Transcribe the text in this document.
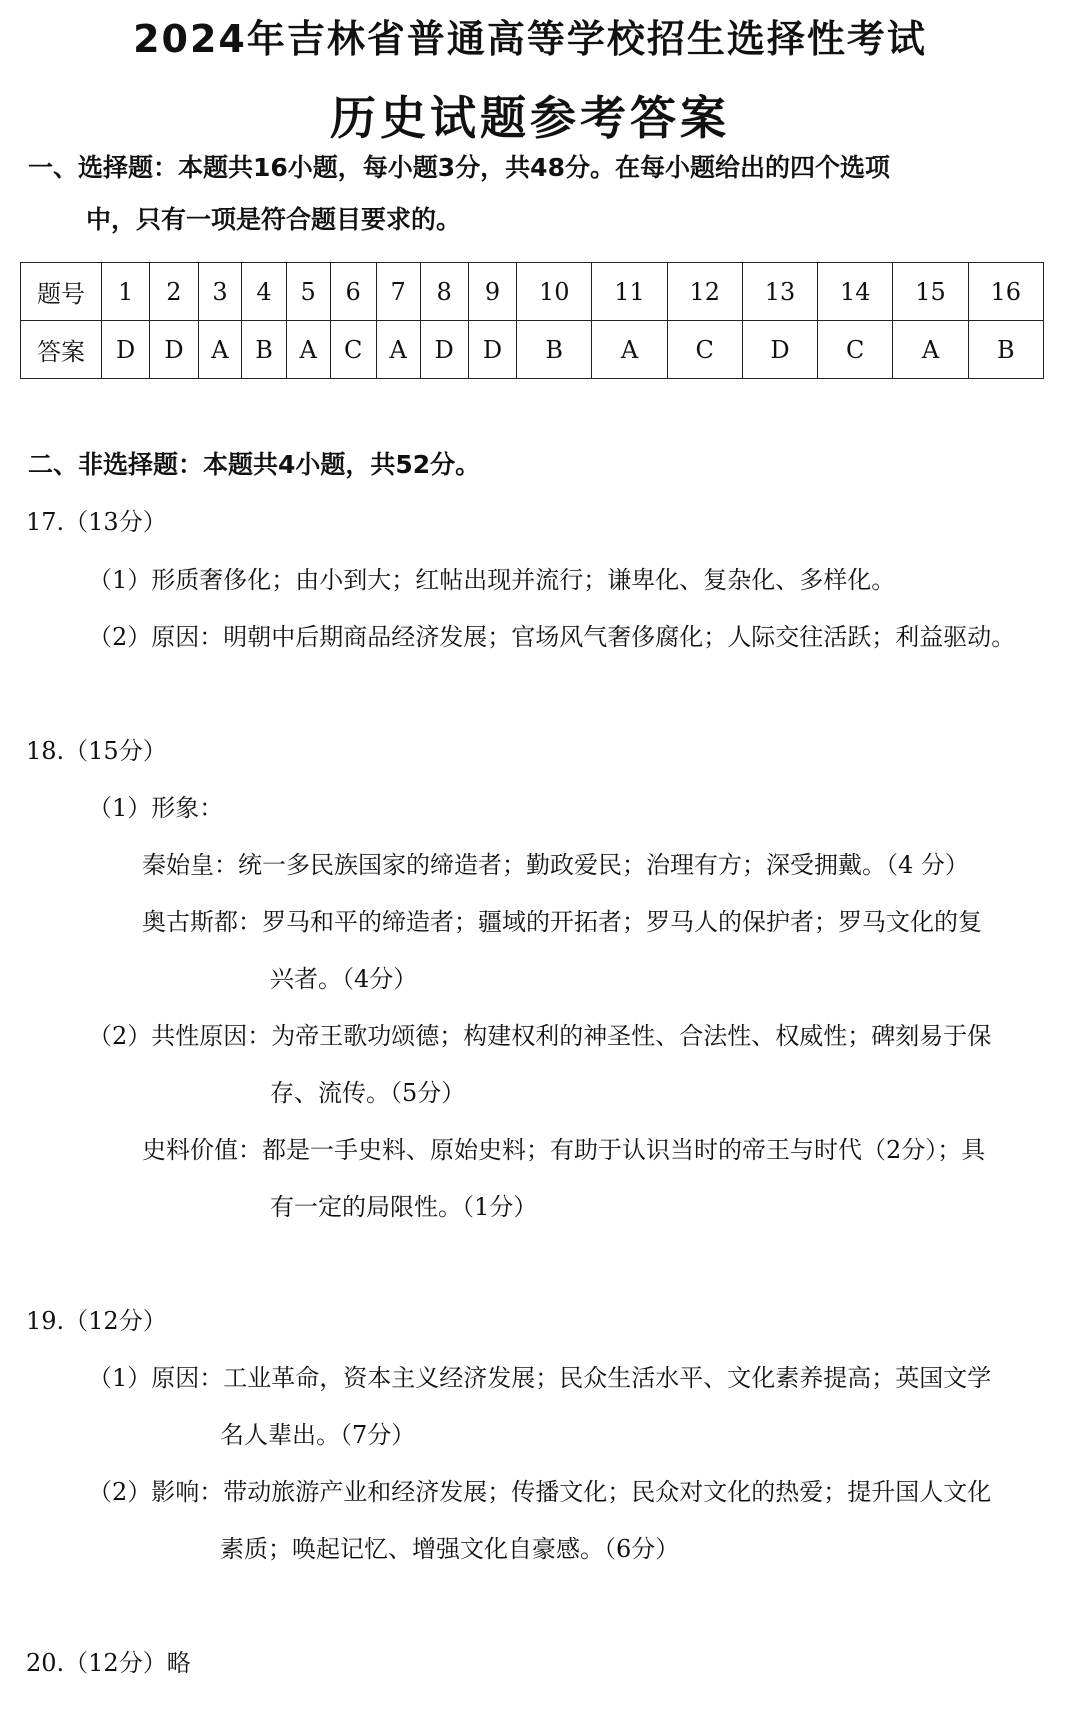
2024年吉林省普通高等学校招生选择性考试
历史试题参考答案
一、选择题：本题共16小题，每小题3分，共48分。在每小题给出的四个选项
中，只有一项是符合题目要求的。
题号	1	2	3	4	5	6	7	8	9	10	11	12	13	14	15	16
答案	D	D	A	B	A	C	A	D	D	B	A	C	D	C	A	B
二、非选择题：本题共4小题，共52分。
17.（13分）
（1）形质奢侈化；由小到大；红帖出现并流行；谦卑化、复杂化、多样化。
（2）原因：明朝中后期商品经济发展；官场风气奢侈腐化；人际交往活跃；利益驱动。
18.（15分）
（1）形象：
秦始皇：统一多民族国家的缔造者；勤政爱民；治理有方；深受拥戴。（4 分）
奥古斯都：罗马和平的缔造者；疆域的开拓者；罗马人的保护者；罗马文化的复
兴者。（4分）
（2）共性原因：为帝王歌功颂德；构建权利的神圣性、合法性、权威性；碑刻易于保
存、流传。（5分）
史料价值：都是一手史料、原始史料；有助于认识当时的帝王与时代（2分）；具
有一定的局限性。（1分）
19.（12分）
（1）原因：工业革命，资本主义经济发展；民众生活水平、文化素养提高；英国文学
名人辈出。（7分）
（2）影响：带动旅游产业和经济发展；传播文化；民众对文化的热爱；提升国人文化
素质；唤起记忆、增强文化自豪感。（6分）
20.（12分）略
